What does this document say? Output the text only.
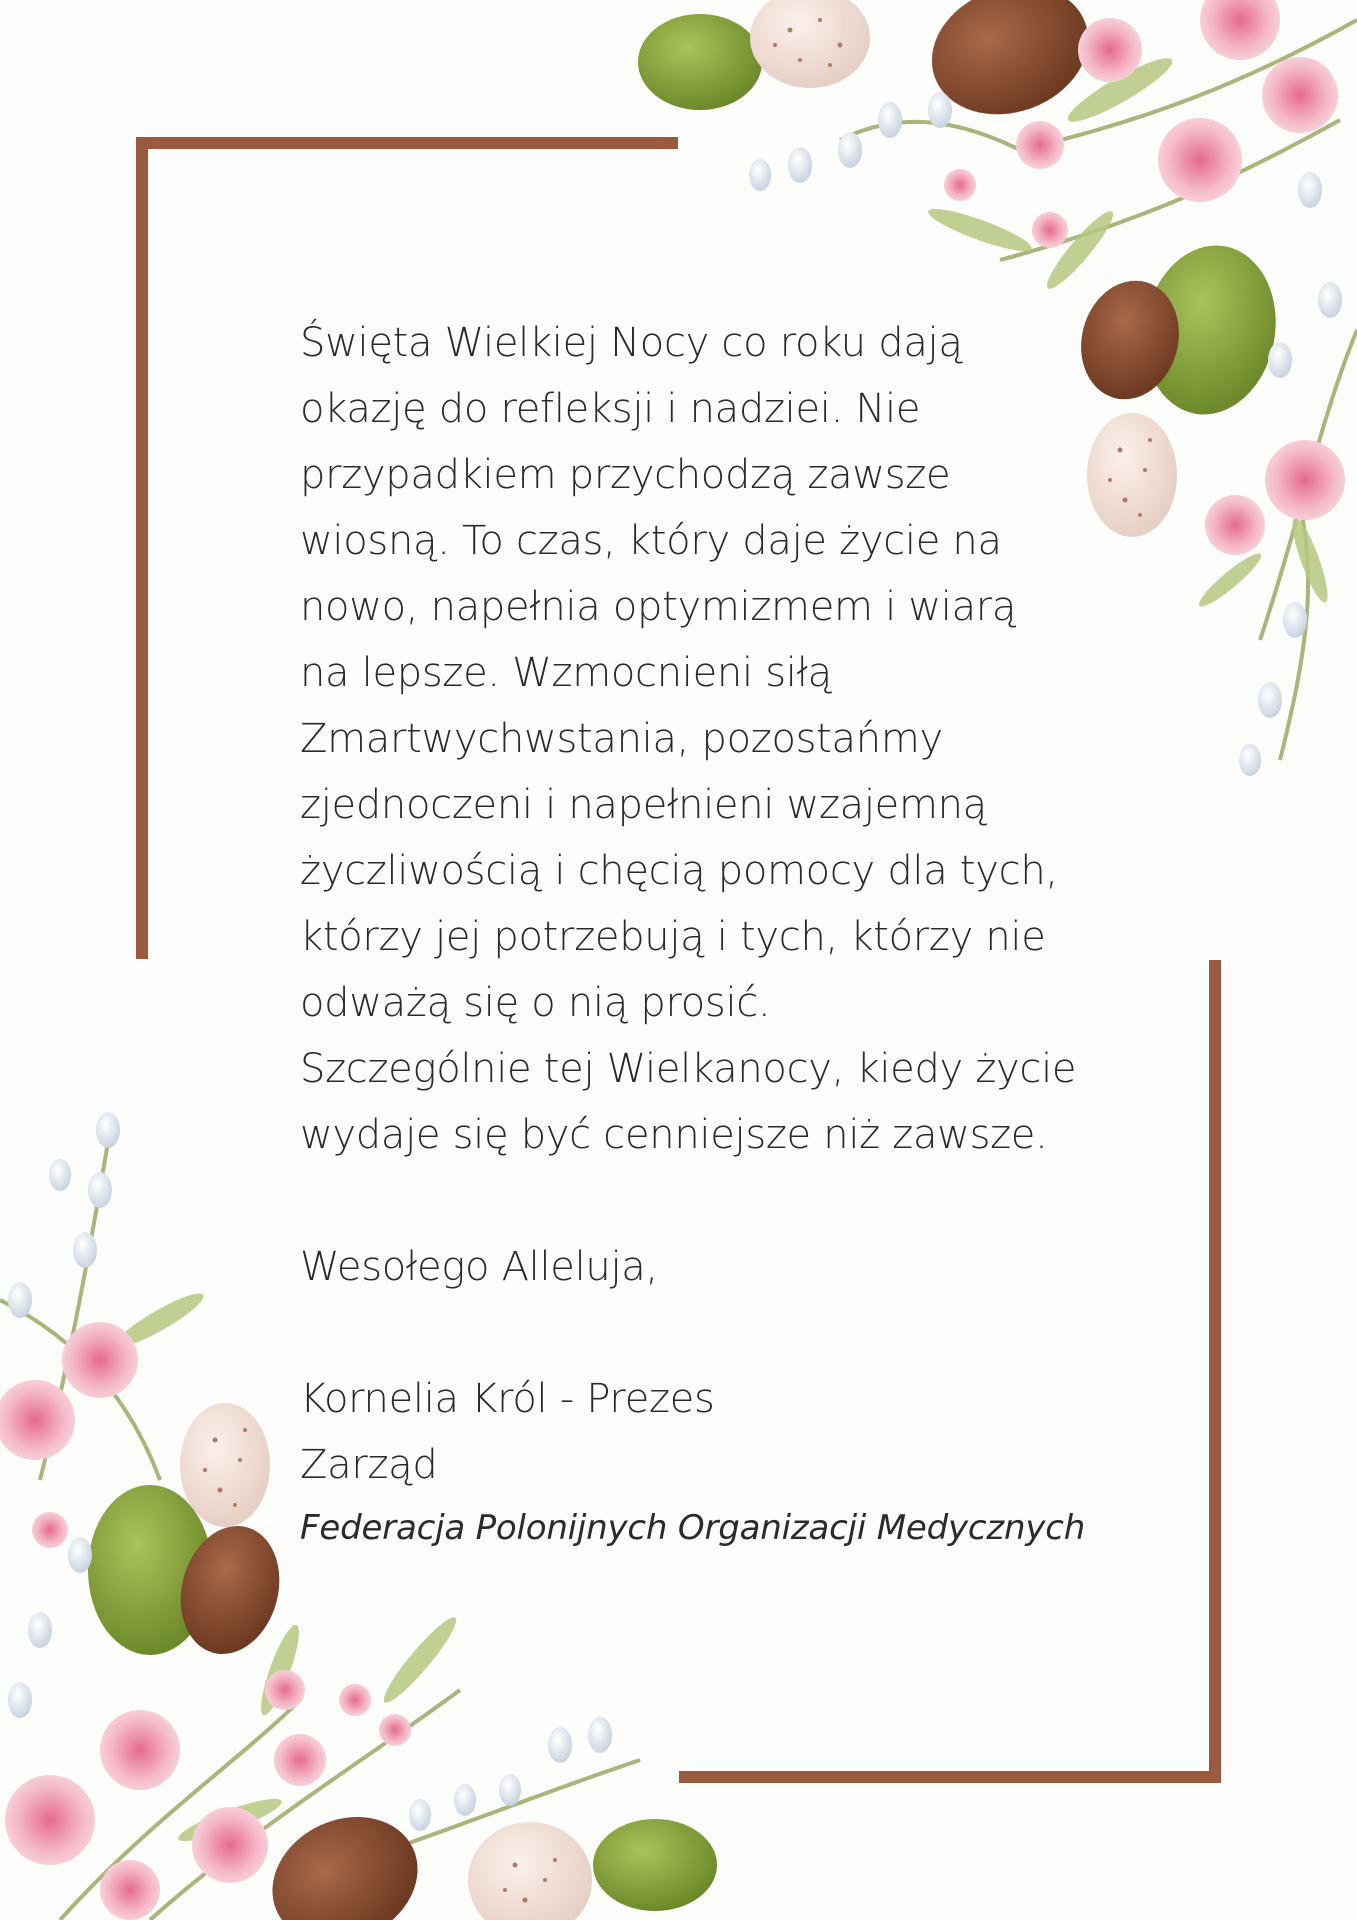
Święta Wielkiej Nocy co roku dają
okazję do refleksji i nadziei. Nie
przypadkiem przychodzą zawsze
wiosną. To czas, który daje życie na
nowo, napełnia optymizmem i wiarą
na lepsze. Wzmocnieni siłą
Zmartwychwstania, pozostańmy
zjednoczeni i napełnieni wzajemną
życzliwością i chęcią pomocy dla tych,
którzy jej potrzebują i tych, którzy nie
odważą się o nią prosić.
Szczególnie tej Wielkanocy, kiedy życie
wydaje się być cenniejsze niż zawsze.
Wesołego Alleluja,
Kornelia Król - Prezes
Zarząd
Federacja Polonijnych Organizacji Medycznych
